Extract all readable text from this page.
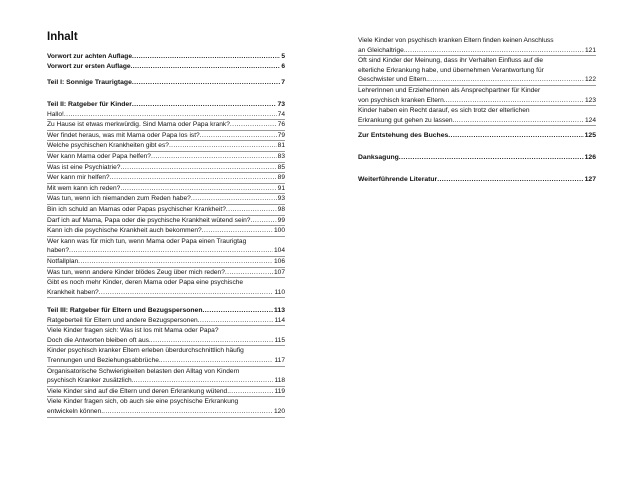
Inhalt
Vorwort zur achten Auflage .....	5
Vorwort zur ersten Auflage .....	6
Teil I: Sonnige Traurigtage .....	7
Teil II: Ratgeber für Kinder .....	73
Hallo! .....	74
Zu Hause ist etwas merkwürdig. Sind Mama oder Papa krank? .....	76
Wer findet heraus, was mit Mama oder Papa los ist? .....	79
Welche psychischen Krankheiten gibt es? .....	81
Wer kann Mama oder Papa helfen? .....	83
Was ist eine Psychiatrie? .....	85
Wer kann mir helfen? .....	89
Mit wem kann ich reden? .....	91
Was tun, wenn ich niemanden zum Reden habe? .....	93
Bin ich schuld an Mamas oder Papas psychischer Krankheit? .....	98
Darf ich auf Mama, Papa oder die psychische Krankheit wütend sein? .....	99
Kann ich die psychische Krankheit auch bekommen? .....	100
Wer kann was für mich tun, wenn Mama oder Papa einen Traurigtag
haben? .....	104
Notfallplan .....	106
Was tun, wenn andere Kinder blödes Zeug über mich reden? .....	107
Gibt es noch mehr Kinder, deren Mama oder Papa eine psychische
Krankheit haben? .....	110
Teil III: Ratgeber für Eltern und Bezugspersonen .....	113
Ratgeberteil für Eltern und andere Bezugspersonen .....	114
Viele Kinder fragen sich: Was ist los mit Mama oder Papa?
Doch die Antworten bleiben oft aus. .....	115
Kinder psychisch kranker Eltern erleben überdurchschnittlich häufig
Trennungen und Beziehungsabbrüche. .....	117
Organisatorische Schwierigkeiten belasten den Alltag von Kindern
psychisch Kranker zusätzlich. .....	118
Viele Kinder sind auf die Eltern und deren Erkrankung wütend. .....	119
Viele Kinder fragen sich, ob auch sie eine psychische Erkrankung
entwickeln können. .....	120
Viele Kinder von psychisch kranken Eltern finden keinen Anschluss
an Gleichaltrige. .....	121
Oft sind Kinder der Meinung, dass ihr Verhalten Einfluss auf die
elterliche Erkrankung habe, und übernehmen Verantwortung für
Geschwister und Eltern. .....	122
LehrerInnen und ErzieherInnen als Ansprechpartner für Kinder
von psychisch kranken Eltern. .....	123
Kinder haben ein Recht darauf, es sich trotz der elterlichen
Erkrankung gut gehen zu lassen. .....	124
Zur Entstehung des Buches .....	125
Danksagung .....	126
Weiterführende Literatur .....	127
